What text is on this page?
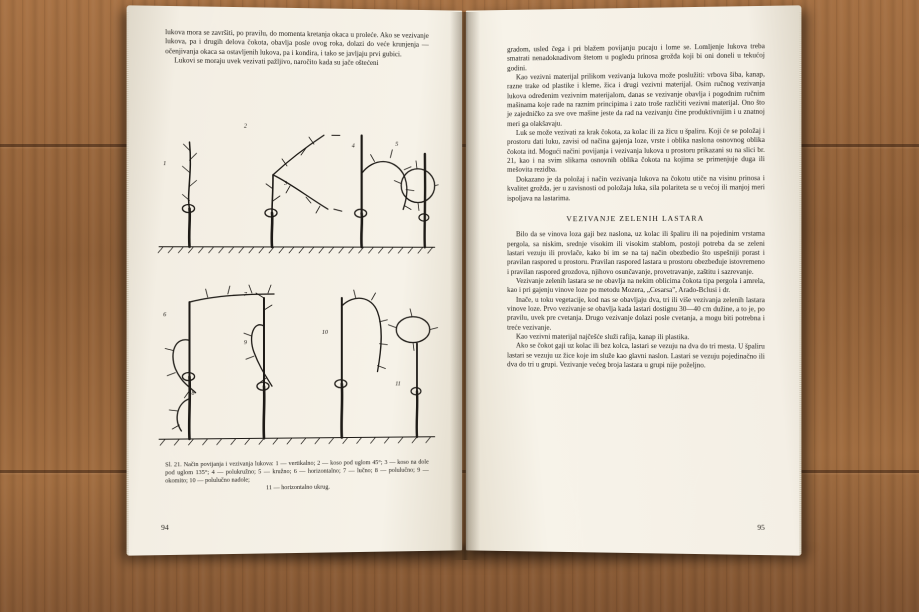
lukova mora se završiti, po pravilu, do momenta kretanja okaca u proleće. Ako se vezivanje lukova, pa i drugih delova čokota, obavlja posle ovog roka, dolazi do veće krunjenja — očenjivanja okaca sa ostavljenih lukova, pa i kondira, i tako se javljaju prvi gubici.

Lukovi se moraju uvek vezivati pažljivo, naročito kada su jače oštećeni

1
2
3
4	5
6
7
8
9
10
11
Sl. 21. Način povijanja i vezivanja lukova: 1 — vertikalno; 2 — koso pod uglom 45°; 3 — koso na dole pod uglom 135°; 4 — polukružno; 5 — kružno; 6 — horizontalno; 7 — lučno; 8 — polulučno; 9 — okomito; 10 — polulučno nadole;
11 — horizontalno ukrug.
94

gradom, usled čega i pri blažem povijanju pucaju i lome se. Lomljenje lukova treba smatrati nenadoknadivom štetom u pogledu prinosa grožđa koji bi oni doneli u tekućoj godini.

Kao vezivni materijal prilikom vezivanja lukova može poslužiti: vrbova šiba, kanap, razne trake od plastike i kleme, žica i drugi vezivni materijal. Osim ručnog vezivanja lukova određenim vezivnim materijalom, danas se vezivanje obavlja i pogodnim ručnim mašinama koje rade na raznim principima i zato troše različiti vezivni materijal. Ono što je zajedničko za sve ove mašine jeste da rad na vezivanju čine produktivnijim i u znatnoj meri ga olakšavaju.

Luk se može vezivati za krak čokota, za kolac ili za žicu u špaliru. Koji će se položaj i prostoru dati luku, zavisi od načina gajenja loze, vrste i oblika naslona osnovnog oblika čokota itd. Mogući načini povijanja i vezivanja lukova u prostoru prikazani su na slici br. 21, kao i na svim slikama osnovnih oblika čokota na kojima se primenjuje duga ili mešovita rezidba.

Dokazano je da položaj i način vezivanja lukova na čokotu utiče na visinu prinosa i kvalitet grožđa, jer u zavisnosti od položaja luka, sila polariteta se u većoj ili manjoj meri ispoljava na lastarima.

VEZIVANJE ZELENIH LASTARA

Bilo da se vinova loza gaji bez naslona, uz kolac ili špaliru ili na pojedinim vrstama pergola, sa niskim, srednje visokim ili visokim stablom, postoji potreba da se zeleni lastari vezuju ili provlače, kako bi im se na taj način obezbedio što uspešniji porast i pravilan raspored u prostoru. Pravilan raspored lastara u prostoru obezbeđuje istovremeno i pravilan raspored grozdova, njihovo osunčavanje, provetravanje, zaštitu i sazrevanje.

Vezivanje zelenih lastara se ne obavlja na nekim oblicima čokota tipa pergola i amrela, kao i pri gajenju vinove loze po metodu Mozera, „Cesarsa", Arado-Bclusi i dr.

Inače, u toku vegetacije, kod nas se obavljaju dva, tri ili više vezivanja zelenih lastara vinove loze. Prvo vezivanje se obavlja kada lastari dostignu 30—40 cm dužine, a to je, po pravilu, uvek pre cvetanja. Drugo vezivanje dolazi posle cvetanja, a mogu biti potrebna i treće vezivanje.

Kao vezivni materijal najčešće služi rafija, kanap ili plastika.

Ako se čokot gaji uz kolac ili bez kolca, lastari se vezuju na dva do tri mesta. U špaliru lastari se vezuju uz žice koje im služe kao glavni naslon. Lastari se vezuju pojedinačno ili dva do tri u grupi. Vezivanje većeg broja lastara u grupi nije poželjno.

95
